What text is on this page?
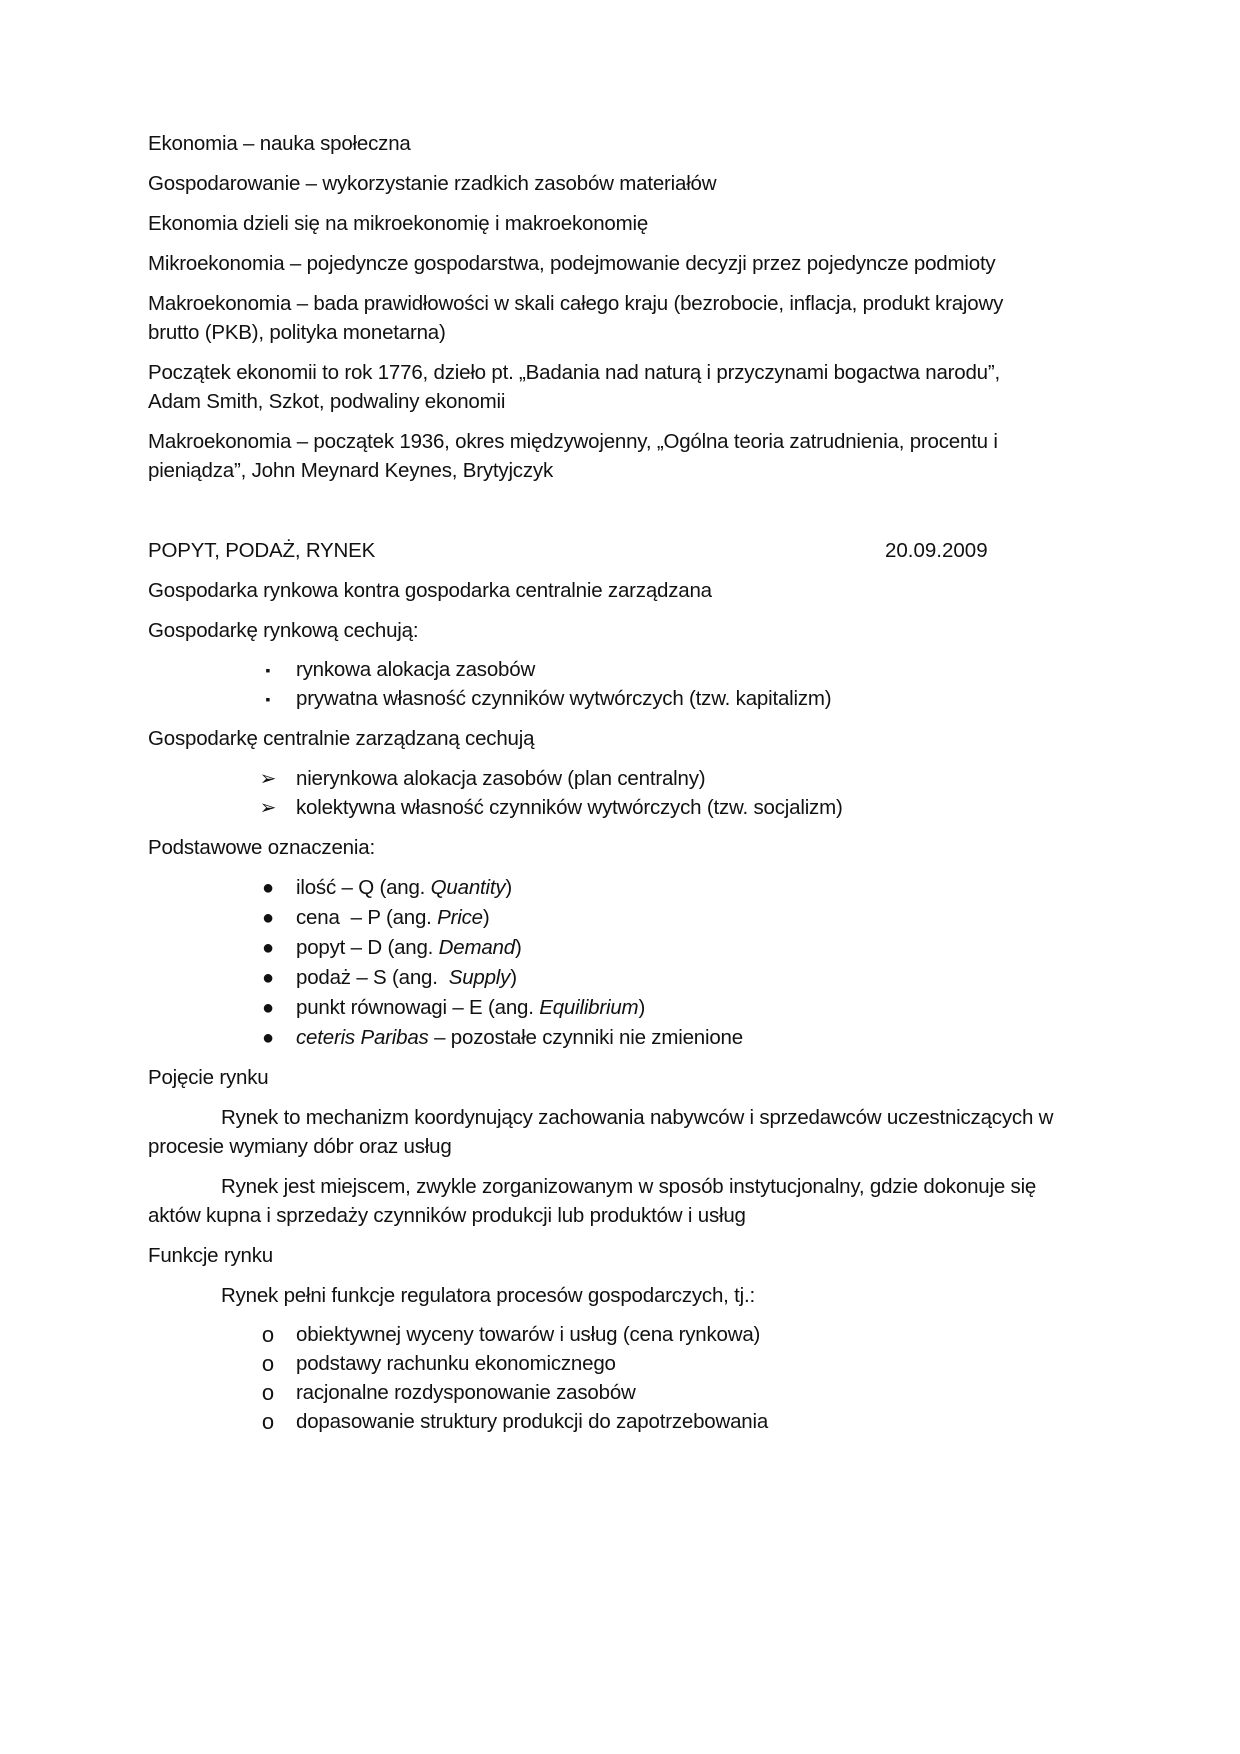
Ekonomia – nauka społeczna
Gospodarowanie – wykorzystanie rzadkich zasobów materiałów
Ekonomia dzieli się na mikroekonomię i makroekonomię
Mikroekonomia – pojedyncze gospodarstwa, podejmowanie decyzji przez pojedyncze podmioty
Makroekonomia – bada prawidłowości w skali całego kraju (bezrobocie, inflacja, produkt krajowy
brutto (PKB), polityka monetarna)
Początek ekonomii to rok 1776, dzieło pt. „Badania nad naturą i przyczynami bogactwa narodu”,
Adam Smith, Szkot, podwaliny ekonomii
Makroekonomia – początek 1936, okres międzywojenny, „Ogólna teoria zatrudnienia, procentu i
pieniądza”, John Meynard Keynes, Brytyjczyk
POPYT, PODAŻ, RYNEK	20.09.2009
Gospodarka rynkowa kontra gospodarka centralnie zarządzana
Gospodarkę rynkową cechują:
▪	rynkowa alokacja zasobów
▪	prywatna własność czynników wytwórczych (tzw. kapitalizm)
Gospodarkę centralnie zarządzaną cechują
➢ nierynkowa alokacja zasobów (plan centralny)
➢ kolektywna własność czynników wytwórczych (tzw. socjalizm)
Podstawowe oznaczenia:
● ilość – Q (ang. Quantity)
● cena  – P (ang. Price)
● popyt – D (ang. Demand)
● podaż – S (ang.  Supply)
● punkt równowagi – E (ang. Equilibrium)
● ceteris Paribas – pozostałe czynniki nie zmienione
Pojęcie rynku
Rynek to mechanizm koordynujący zachowania nabywców i sprzedawców uczestniczących w
procesie wymiany dóbr oraz usług
Rynek jest miejscem, zwykle zorganizowanym w sposób instytucjonalny, gdzie dokonuje się
aktów kupna i sprzedaży czynników produkcji lub produktów i usług
Funkcje rynku
Rynek pełni funkcje regulatora procesów gospodarczych, tj.:
o obiektywnej wyceny towarów i usług (cena rynkowa)
o podstawy rachunku ekonomicznego
o racjonalne rozdysponowanie zasobów
o dopasowanie struktury produkcji do zapotrzebowania
